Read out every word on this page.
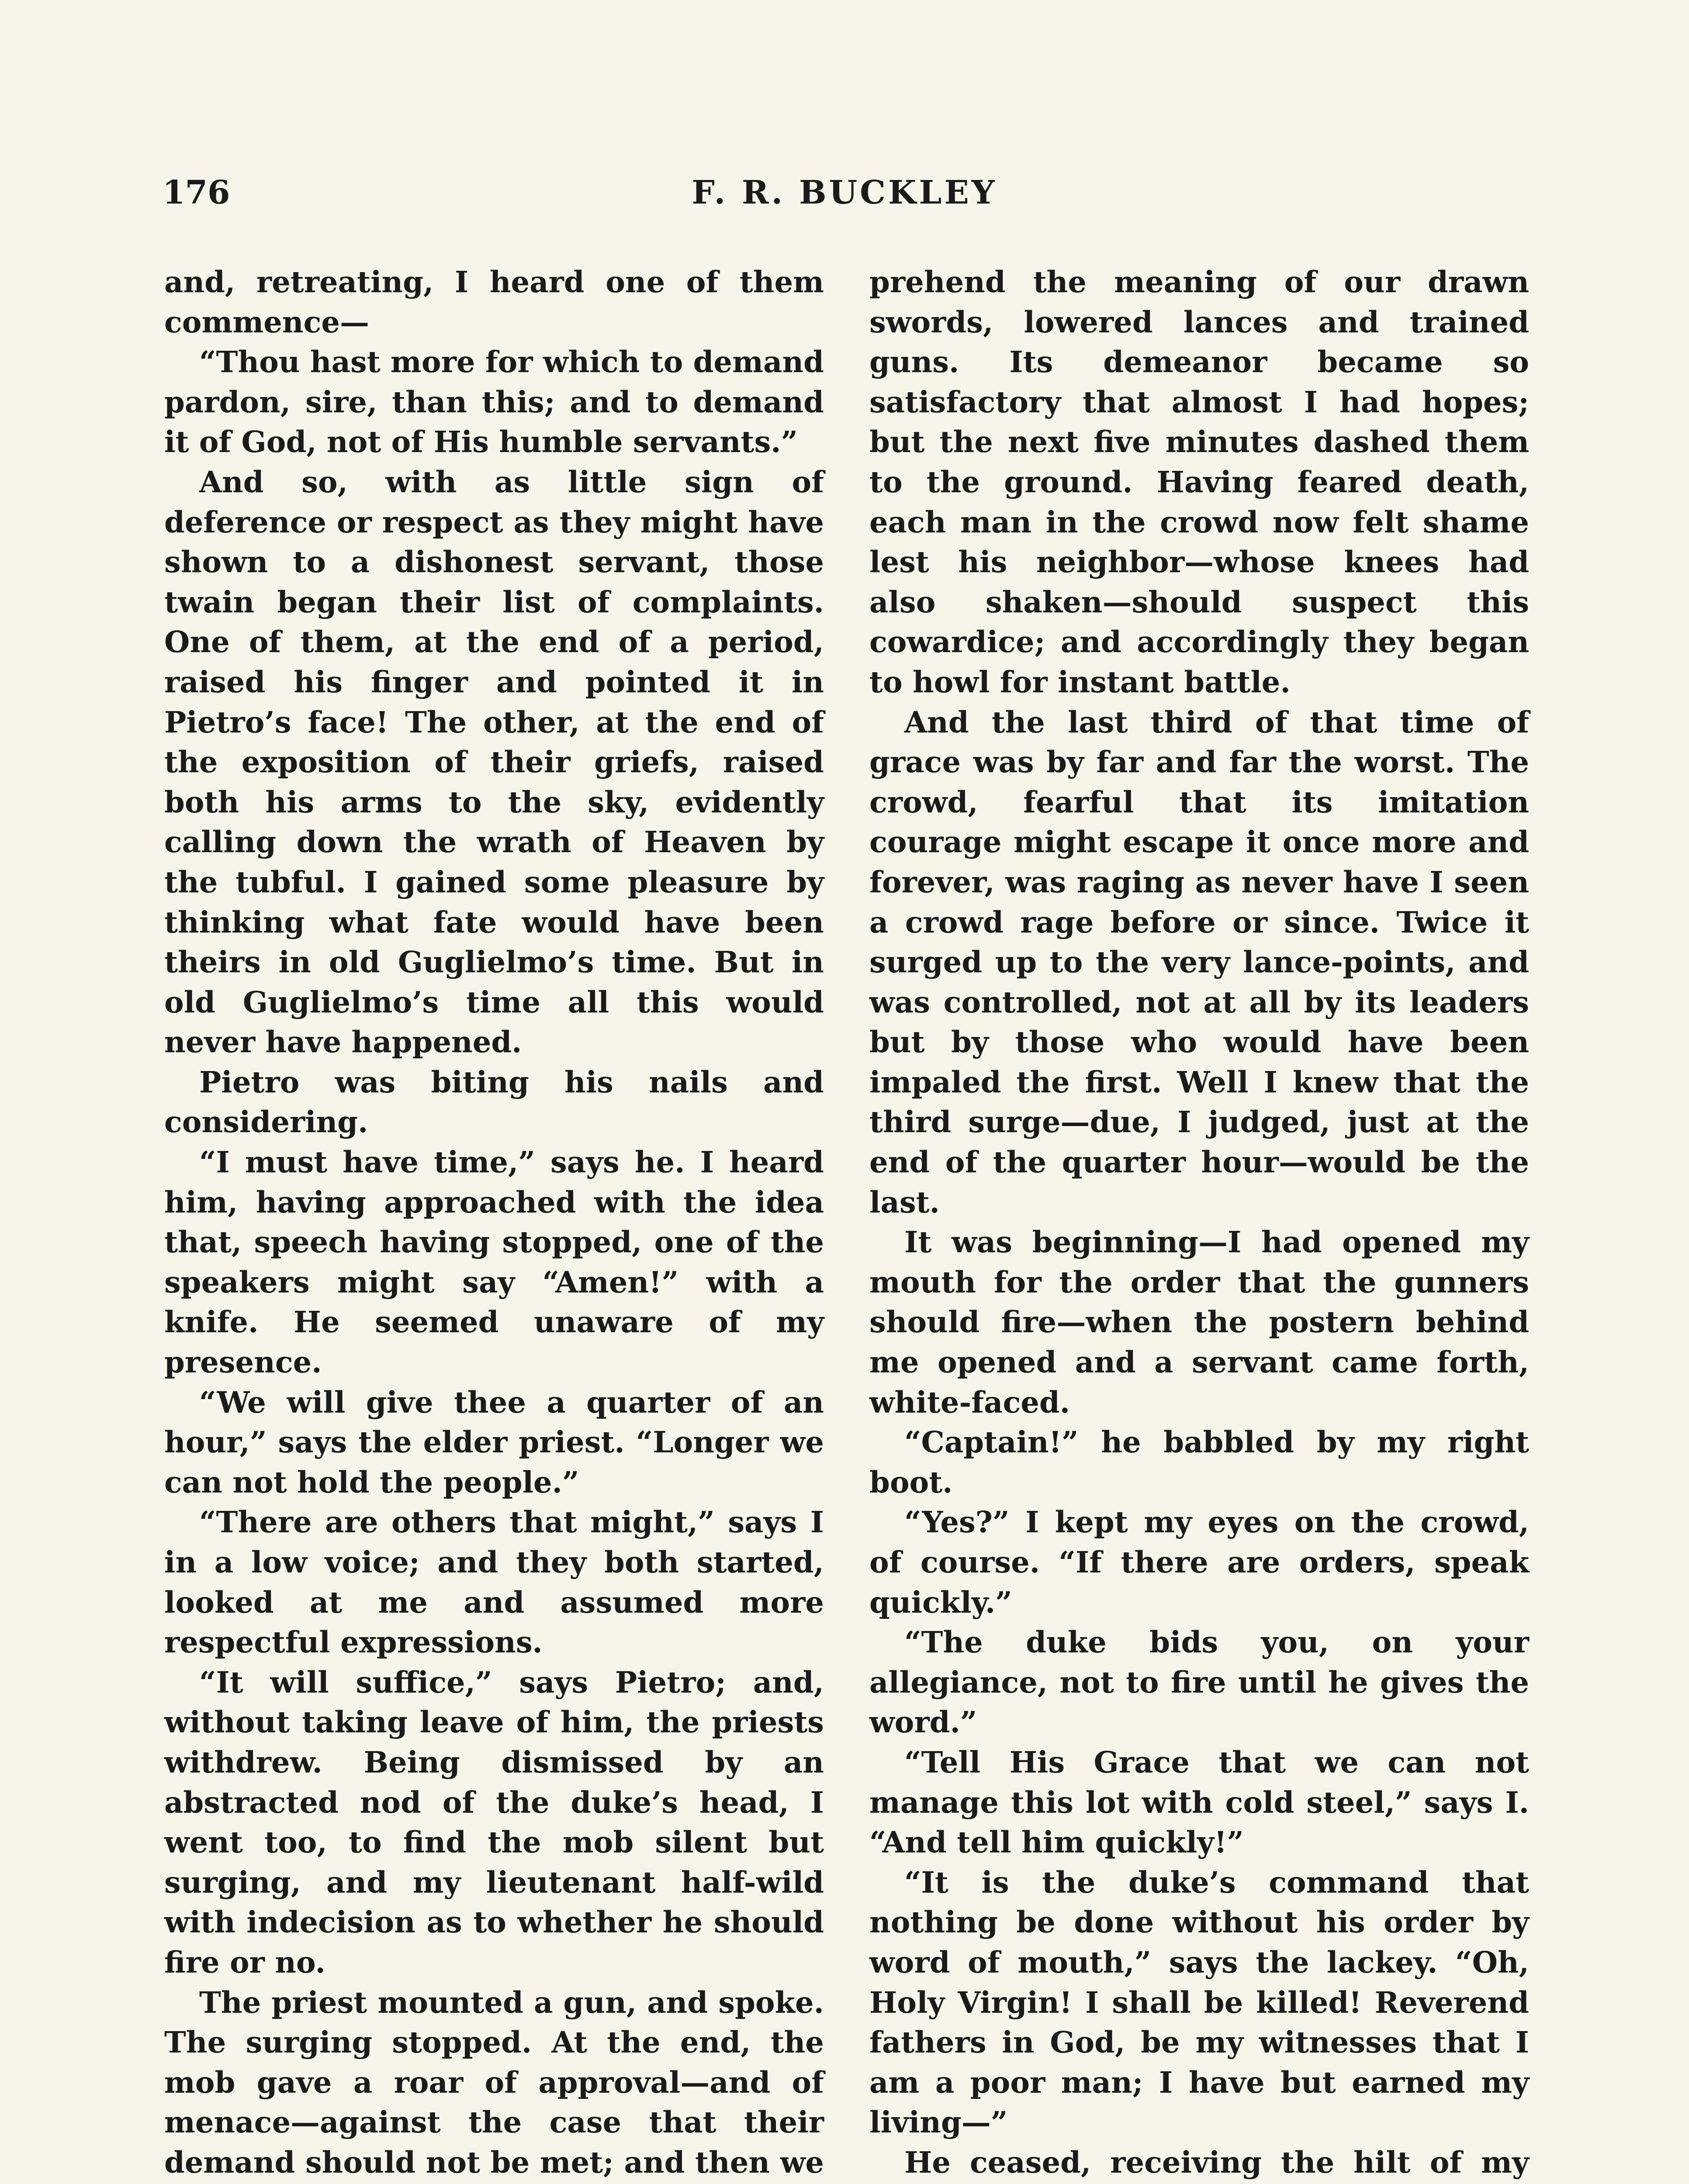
176	F. R. BUCKLEY

and, retreating, I heard one of them commence—

“Thou hast more for which to demand pardon, sire, than this; and to demand it of God, not of His humble servants.”

And so, with as little sign of deference or respect as they might have shown to a dishonest servant, those twain began their list of complaints. One of them, at the end of a period, raised his finger and pointed it in Pietro’s face! The other, at the end of the exposition of their griefs, raised both his arms to the sky, evidently calling down the wrath of Heaven by the tubful. I gained some pleasure by thinking what fate would have been theirs in old Guglielmo’s time. But in old Guglielmo’s time all this would never have happened.

Pietro was biting his nails and considering.

“I must have time,” says he. I heard him, having approached with the idea that, speech having stopped, one of the speakers might say “Amen!” with a knife. He seemed unaware of my presence.

“We will give thee a quarter of an hour,” says the elder priest. “Longer we can not hold the people.”

“There are others that might,” says I in a low voice; and they both started, looked at me and assumed more respectful expressions.

“It will suffice,” says Pietro; and, without taking leave of him, the priests withdrew. Being dismissed by an abstracted nod of the duke’s head, I went too, to find the mob silent but surging, and my lieutenant half-wild with indecision as to whether he should fire or no.

The priest mounted a gun, and spoke. The surging stopped. At the end, the mob gave a roar of approval—and of menace—against the case that their demand should not be met; and then we

prehend the meaning of our drawn swords, lowered lances and trained guns. Its demeanor became so satisfactory that almost I had hopes; but the next five minutes dashed them to the ground. Having feared death, each man in the crowd now felt shame lest his neighbor—whose knees had also shaken—should suspect this cowardice; and accordingly they began to howl for instant battle.

And the last third of that time of grace was by far and far the worst. The crowd, fearful that its imitation courage might escape it once more and forever, was raging as never have I seen a crowd rage before or since. Twice it surged up to the very lance-points, and was controlled, not at all by its leaders but by those who would have been impaled the first. Well I knew that the third surge—due, I judged, just at the end of the quarter hour—would be the last.

It was beginning—I had opened my mouth for the order that the gunners should fire—when the postern behind me opened and a servant came forth, white-faced.

“Captain!” he babbled by my right boot.

“Yes?” I kept my eyes on the crowd, of course. “If there are orders, speak quickly.”

“The duke bids you, on your allegiance, not to fire until he gives the word.”

“Tell His Grace that we can not manage this lot with cold steel,” says I. “And tell him quickly!”

“It is the duke’s command that nothing be done without his order by word of mouth,” says the lackey. “Oh, Holy Virgin! I shall be killed! Reverend fathers in God, be my witnesses that I am a poor man; I have but earned my living—”

He ceased, receiving the hilt of my
